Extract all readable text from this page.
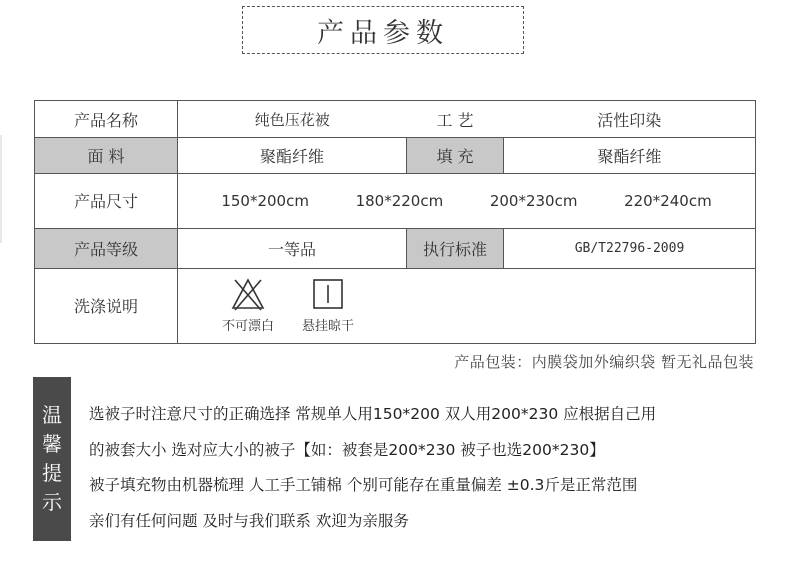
产品参数
产品名称	纯色压花被	工 艺	活性印染
面 料	聚酯纤维	填 充	聚酯纤维
产品尺寸	150*200cm 180*220cm 200*230cm 220*240cm		

产品等级	一等品	执行标准	GB/T22796-2009
洗涤说明	不可漂白 悬挂晾干		
产品包装：内膜袋加外编织袋 暂无礼品包装
温
馨
提
示
选被子时注意尺寸的正确选择 常规单人用150*200 双人用200*230 应根据自己用
的被套大小 选对应大小的被子【如：被套是200*230 被子也选200*230】
被子填充物由机器梳理 人工手工铺棉 个别可能存在重量偏差 ±0.3斤是正常范围
亲们有任何问题 及时与我们联系 欢迎为亲服务
